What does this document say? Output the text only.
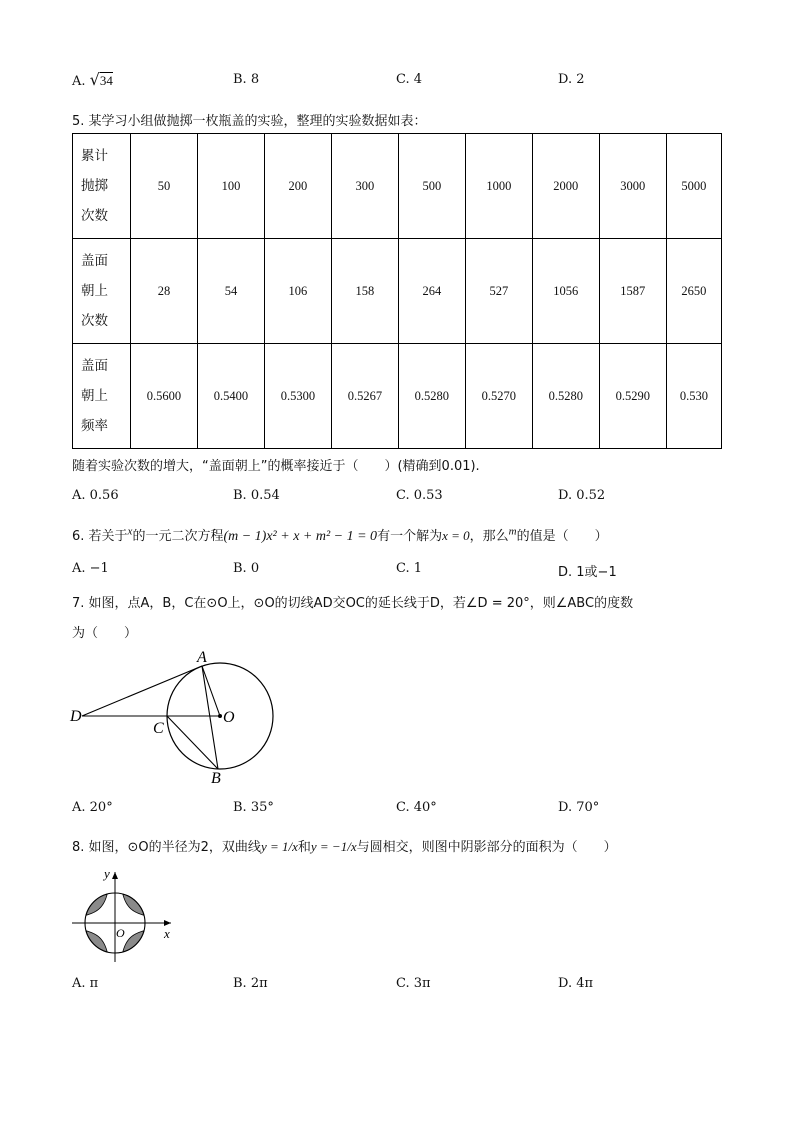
A. √34	B. 8	C. 4	D. 2
5. 某学习小组做抛掷一枚瓶盖的实验，整理的实验数据如表：
累计
抛掷
次数	50	100	200	300	500	1000	2000	3000	5000
盖面
朝上
次数	28	54	106	158	264	527	1056	1587	2650
盖面
朝上
频率	0.5600	0.5400	0.5300	0.5267	0.5280	0.5270	0.5280	0.5290	0.530
随着实验次数的增大，“盖面朝上”的概率接近于（　　）(精确到0.01).
A. 0.56	B. 0.54	C. 0.53	D. 0.52
6. 若关于$^x$的一元二次方程(m − 1)x² + x + m² − 1 = 0有一个解为x = 0，那么$^m$的值是（　　）
A. −1	B. 0	C. 1	D. 1或−1
7. 如图，点A，B，C在⊙O上，⊙O的切线AD交OC的延长线于D，若∠D = 20°，则∠ABC的度数
为（　　）
D
A
C
O
B
A. 20°	B. 35°	C. 40°	D. 70°
8. 如图，⊙O的半径为2，双曲线y = 1/x和y = −1/x与圆相交，则图中阴影部分的面积为（　　）
y
x
O
A. π	B. 2π	C. 3π	D. 4π
